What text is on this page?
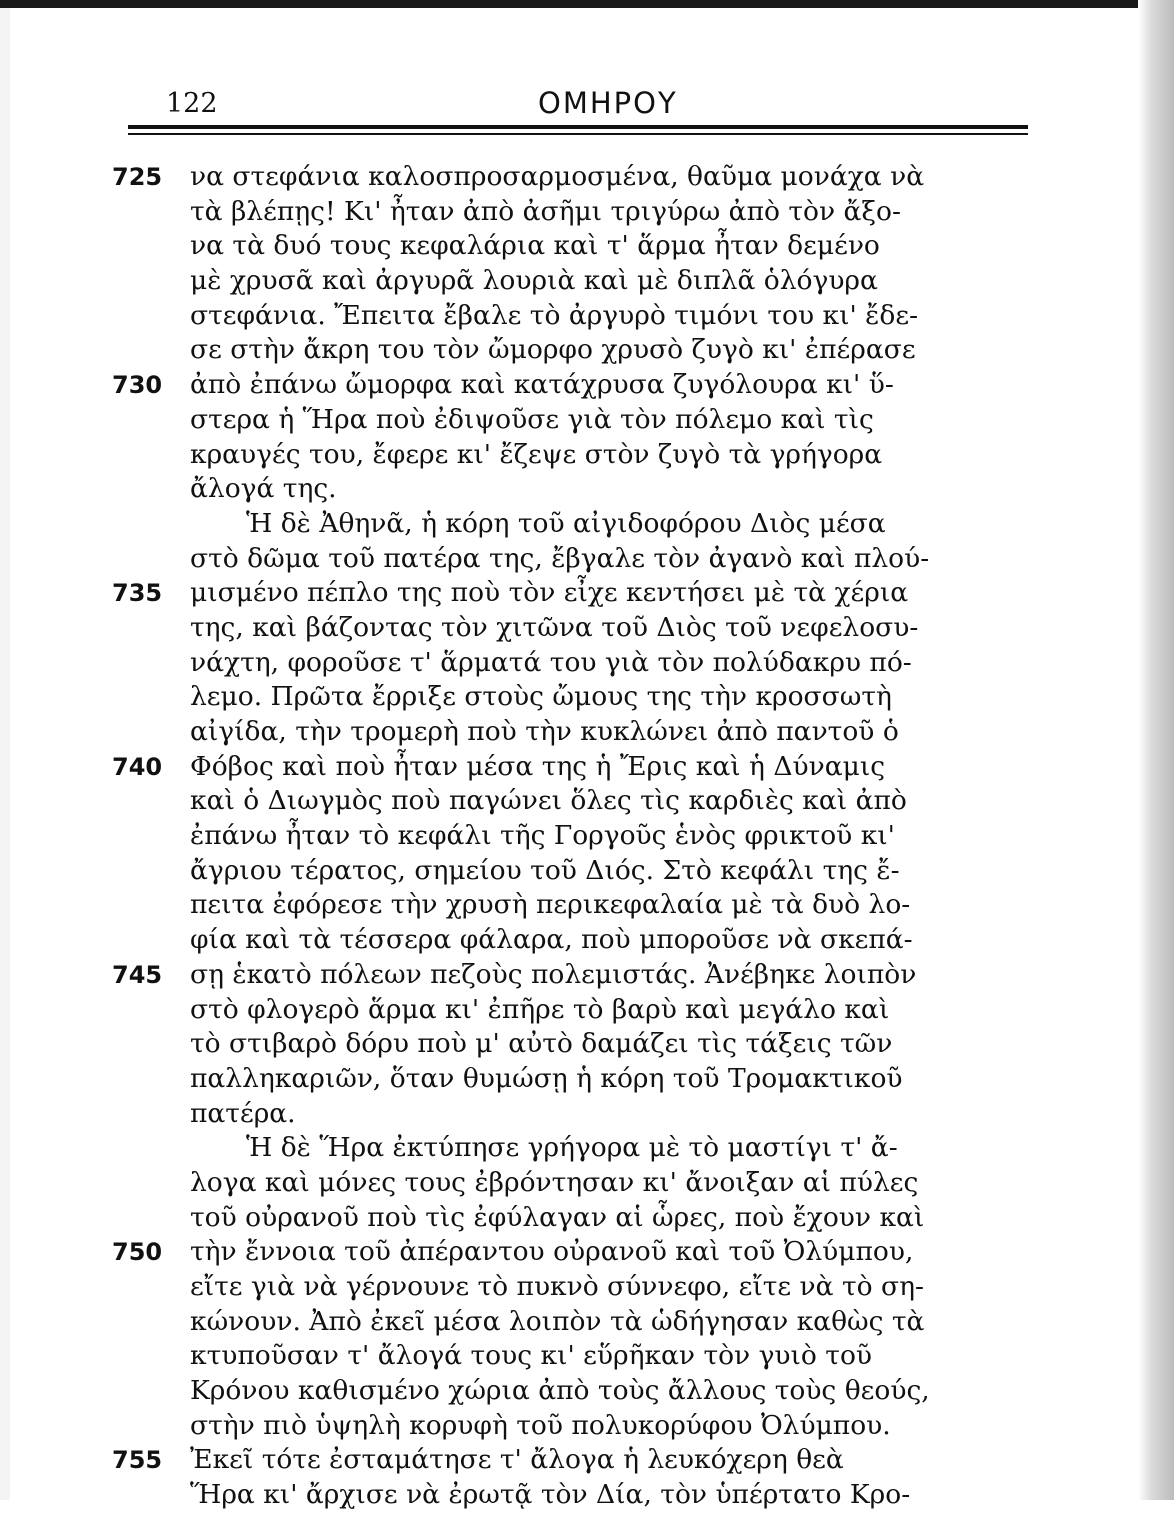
122	ΟΜΗΡΟΥ
725	να στεφάνια καλοσπροσαρμοσμένα, θαῦμα μονάχα νὰ
τὰ βλέπῃς! Κι' ἦταν ἀπὸ ἀσῆμι τριγύρω ἀπὸ τὸν ἄξο-
να τὰ δυό τους κεφαλάρια καὶ τ' ἅρμα ἦταν δεμένο
μὲ χρυσᾶ καὶ ἀργυρᾶ λουριὰ καὶ μὲ διπλᾶ ὁλόγυρα
στεφάνια. Ἔπειτα ἔβαλε τὸ ἀργυρὸ τιμόνι του κι' ἔδε-
σε στὴν ἄκρη του τὸν ὤμορφο χρυσὸ ζυγὸ κι' ἐπέρασε
730	ἀπὸ ἐπάνω ὤμορφα καὶ κατάχρυσα ζυγόλουρα κι' ὕ-
στερα ἡ Ἥρα ποὺ ἐδιψοῦσε γιὰ τὸν πόλεμο καὶ τὶς
κραυγές του, ἔφερε κι' ἔζεψε στὸν ζυγὸ τὰ γρήγορα
ἄλογά της.
Ἡ δὲ Ἀθηνᾶ, ἡ κόρη τοῦ αἰγιδοφόρου Διὸς μέσα
στὸ δῶμα τοῦ πατέρα της, ἔβγαλε τὸν ἀγανὸ καὶ πλού-
735	μισμένο πέπλο της ποὺ τὸν εἶχε κεντήσει μὲ τὰ χέρια
της, καὶ βάζοντας τὸν χιτῶνα τοῦ Διὸς τοῦ νεφελοσυ-
νάχτη, φοροῦσε τ' ἅρματά του γιὰ τὸν πολύδακρυ πό-
λεμο. Πρῶτα ἔρριξε στοὺς ὤμους της τὴν κροσσωτὴ
αἰγίδα, τὴν τρομερὴ ποὺ τὴν κυκλώνει ἀπὸ παντοῦ ὁ
740	Φόβος καὶ ποὺ ἦταν μέσα της ἡ Ἔρις καὶ ἡ Δύναμις
καὶ ὁ Διωγμὸς ποὺ παγώνει ὅλες τὶς καρδιὲς καὶ ἀπὸ
ἐπάνω ἦταν τὸ κεφάλι τῆς Γοργοῦς ἑνὸς φρικτοῦ κι'
ἄγριου τέρατος, σημείου τοῦ Διός. Στὸ κεφάλι της ἔ-
πειτα ἐφόρεσε τὴν χρυσὴ περικεφαλαία μὲ τὰ δυὸ λο-
φία καὶ τὰ τέσσερα φάλαρα, ποὺ μποροῦσε νὰ σκεπά-
745	σῃ ἑκατὸ πόλεων πεζοὺς πολεμιστάς. Ἀνέβηκε λοιπὸν
στὸ φλογερὸ ἅρμα κι' ἐπῆρε τὸ βαρὺ καὶ μεγάλο καὶ
τὸ στιβαρὸ δόρυ ποὺ μ' αὐτὸ δαμάζει τὶς τάξεις τῶν
παλληκαριῶν, ὅταν θυμώσῃ ἡ κόρη τοῦ Τρομακτικοῦ
πατέρα.
Ἡ δὲ Ἥρα ἐκτύπησε γρήγορα μὲ τὸ μαστίγι τ' ἄ-
λογα καὶ μόνες τους ἐβρόντησαν κι' ἄνοιξαν αἱ πύλες
τοῦ οὐρανοῦ ποὺ τὶς ἐφύλαγαν αἱ ὧρες, ποὺ ἔχουν καὶ
750	τὴν ἔννοια τοῦ ἀπέραντου οὐρανοῦ καὶ τοῦ Ὀλύμπου,
εἴτε γιὰ νὰ γέρνουνε τὸ πυκνὸ σύννεφο, εἴτε νὰ τὸ ση-
κώνουν. Ἀπὸ ἐκεῖ μέσα λοιπὸν τὰ ὡδήγησαν καθὼς τὰ
κτυποῦσαν τ' ἄλογά τους κι' εὕρῆκαν τὸν γυιὸ τοῦ
Κρόνου καθισμένο χώρια ἀπὸ τοὺς ἄλλους τοὺς θεούς,
στὴν πιὸ ὑψηλὴ κορυφὴ τοῦ πολυκορύφου Ὀλύμπου.
755	Ἐκεῖ τότε ἐσταμάτησε τ' ἄλογα ἡ λευκόχερη θεὰ
Ἥρα κι' ἄρχισε νὰ ἐρωτᾷ τὸν Δία, τὸν ὑπέρτατο Κρο-
